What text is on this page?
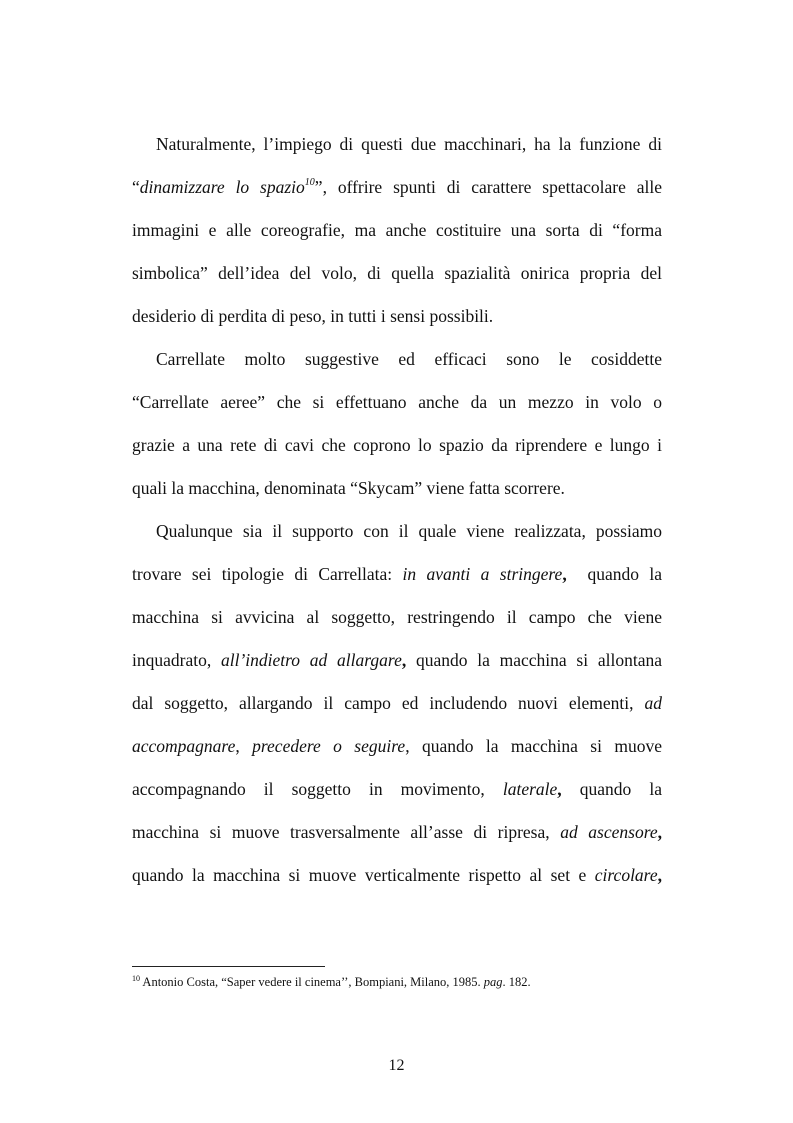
Naturalmente, l’impiego di questi due macchinari, ha la funzione di
“dinamizzare lo spazio$^{10}$”, offrire spunti di carattere spettacolare alle
immagini e alle coreografie, ma anche costituire una sorta di “forma
simbolica” dell’idea del volo, di quella spazialità onirica propria del
desiderio di perdita di peso, in tutti i sensi possibili.
Carrellate molto suggestive ed efficaci sono le cosiddette
“Carrellate aeree” che si effettuano anche da un mezzo in volo o
grazie a una rete di cavi che coprono lo spazio da riprendere e lungo i
quali la macchina, denominata “Skycam” viene fatta scorrere.
Qualunque sia il supporto con il quale viene realizzata, possiamo
trovare sei tipologie di Carrellata: in avanti a stringere,  quando la
macchina si avvicina al soggetto, restringendo il campo che viene
inquadrato, all’indietro ad allargare, quando la macchina si allontana
dal soggetto, allargando il campo ed includendo nuovi elementi, ad
accompagnare, precedere o seguire, quando la macchina si muove
accompagnando il soggetto in movimento, laterale, quando la
macchina si muove trasversalmente all’asse di ripresa, ad ascensore,
quando la macchina si muove verticalmente rispetto al set e circolare,
$^{10}$ Antonio Costa, “Saper vedere il cinema’’, Bompiani, Milano, 1985. pag. 182.
12
